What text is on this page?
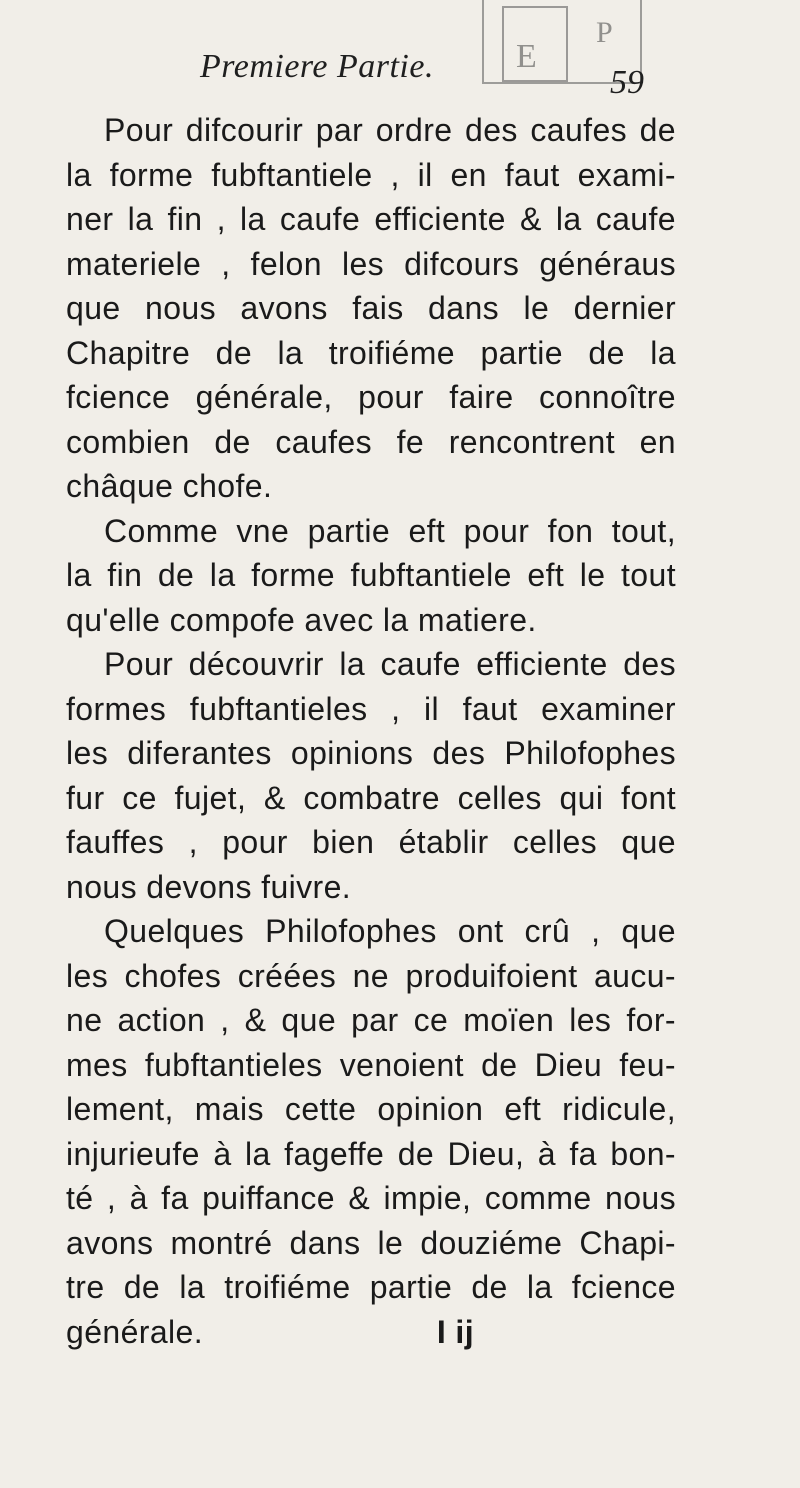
E
P
Premiere Partie.	59
Pour difcourir par ordre des caufes de
la forme fubftantiele , il en faut exami-
ner la fin , la caufe efficiente & la caufe
materiele , felon les difcours généraus
que nous avons fais dans le dernier
Chapitre de la troifiéme partie de la
fcience générale, pour faire connoître
combien de caufes fe rencontrent en
châque chofe.
Comme vne partie eft pour fon tout,
la fin de la forme fubftantiele eft le tout
qu'elle compofe avec la matiere.
Pour découvrir la caufe efficiente des
formes fubftantieles , il faut examiner
les diferantes opinions des Philofophes
fur ce fujet, & combatre celles qui font
fauffes , pour bien établir celles que
nous devons fuivre.
Quelques Philofophes ont crû , que
les chofes créées ne produifoient aucu-
ne action , & que par ce moïen les for-
mes fubftantieles venoient de Dieu feu-
lement, mais cette opinion eft ridicule,
injurieufe à la fageffe de Dieu, à fa bon-
té , à fa puiffance & impie, comme nous
avons montré dans le douziéme Chapi-
tre de la troifiéme partie de la fcience
générale.	I ij
